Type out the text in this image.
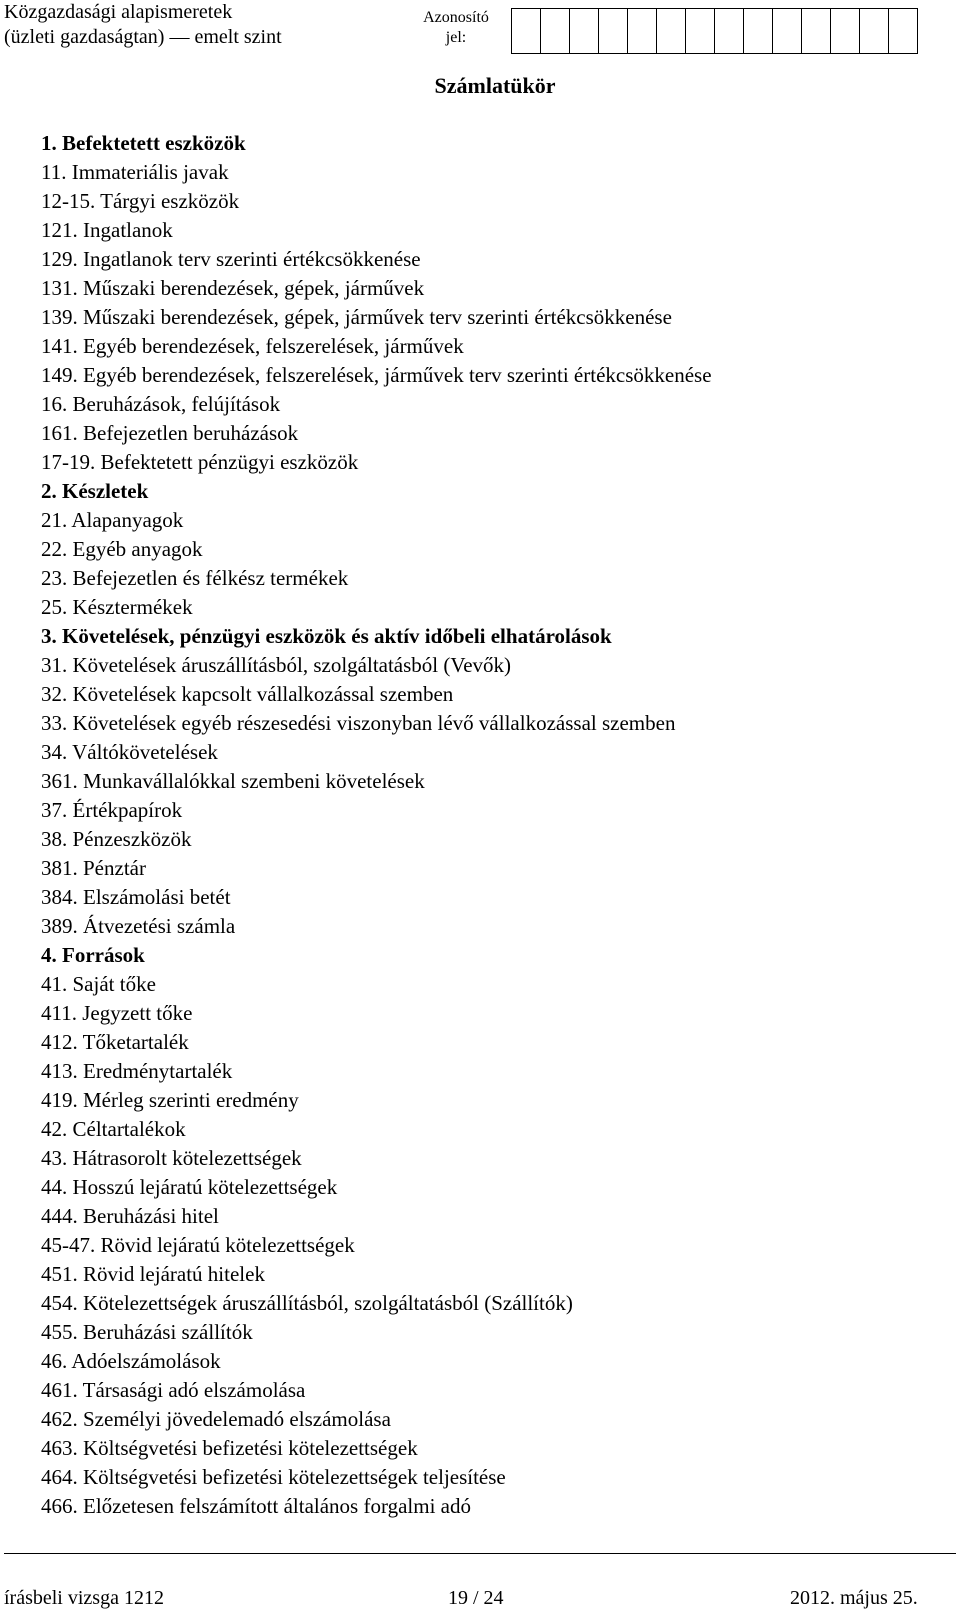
Közgazdasági alapismeretek
(üzleti gazdaságtan) — emelt szint
Azonosító jel:
Számlatükör
1. Befektetett eszközök
11. Immateriális javak
12-15. Tárgyi eszközök
121. Ingatlanok
129. Ingatlanok terv szerinti értékcsökkenése
131. Műszaki berendezések, gépek, járművek
139. Műszaki berendezések, gépek, járművek terv szerinti értékcsökkenése
141. Egyéb berendezések, felszerelések, járművek
149. Egyéb berendezések, felszerelések, járművek terv szerinti értékcsökkenése
16. Beruházások, felújítások
161. Befejezetlen beruházások
17-19. Befektetett pénzügyi eszközök
2. Készletek
21. Alapanyagok
22. Egyéb anyagok
23. Befejezetlen és félkész termékek
25. Késztermékek
3. Követelések, pénzügyi eszközök és aktív időbeli elhatárolások
31. Követelések áruszállításból, szolgáltatásból (Vevők)
32. Követelések kapcsolt vállalkozással szemben
33. Követelések egyéb részesedési viszonyban lévő vállalkozással szemben
34. Váltókövetelések
361. Munkavállalókkal szembeni követelések
37. Értékpapírok
38. Pénzeszközök
381. Pénztár
384. Elszámolási betét
389. Átvezetési számla
4. Források
41. Saját tőke
411. Jegyzett tőke
412. Tőketartalék
413. Eredménytartalék
419. Mérleg szerinti eredmény
42. Céltartalékok
43. Hátrasorolt kötelezettségek
44. Hosszú lejáratú kötelezettségek
444. Beruházási hitel
45-47. Rövid lejáratú kötelezettségek
451. Rövid lejáratú hitelek
454. Kötelezettségek áruszállításból, szolgáltatásból (Szállítók)
455. Beruházási szállítók
46. Adóelszámolások
461. Társasági adó elszámolása
462. Személyi jövedelemadó elszámolása
463. Költségvetési befizetési kötelezettségek
464. Költségvetési befizetési kötelezettségek teljesítése
466. Előzetesen felszámított általános forgalmi adó
írásbeli vizsga 1212	19 / 24	2012. május 25.
